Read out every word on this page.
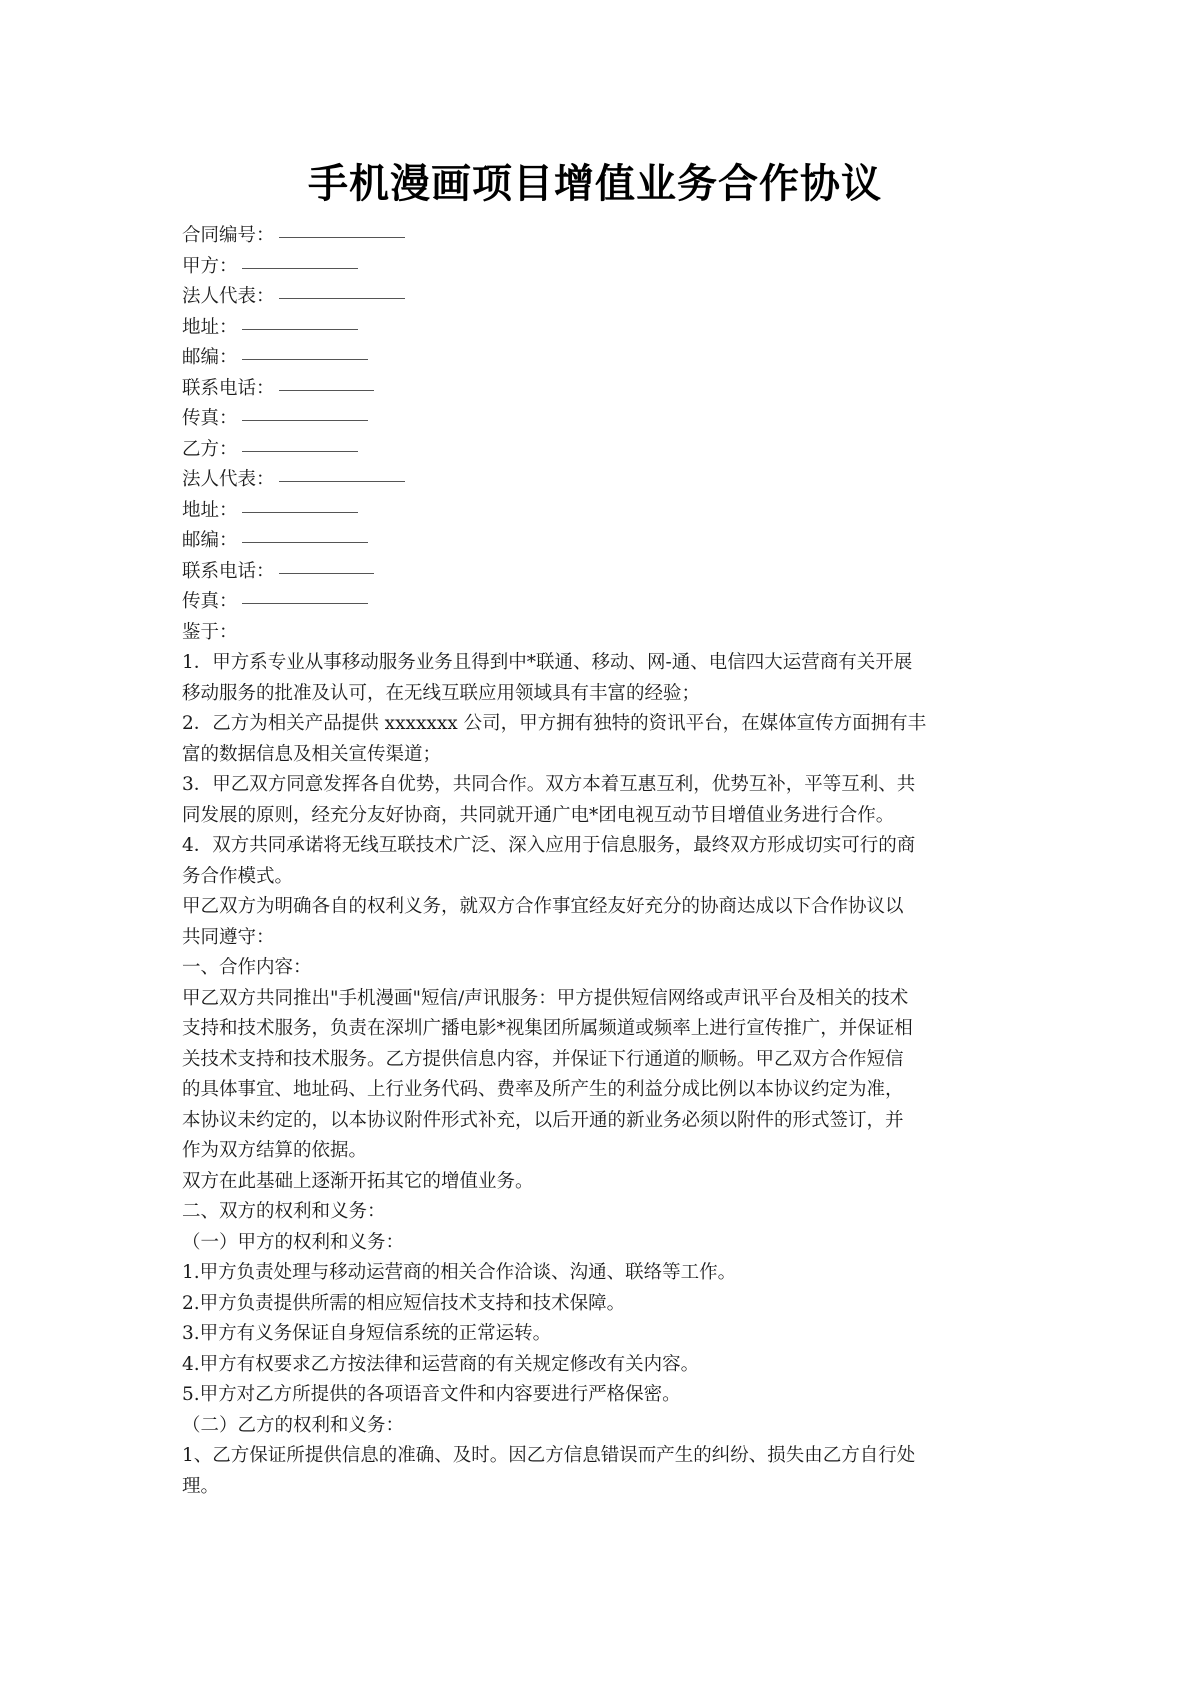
手机漫画项目增值业务合作协议
合同编号：
甲方：
法人代表：
地址：
邮编：
联系电话：
传真：
乙方：
法人代表：
地址：
邮编：
联系电话：
传真：
鉴于：
1．甲方系专业从事移动服务业务且得到中*联通、移动、网-通、电信四大运营商有关开展
移动服务的批准及认可，在无线互联应用领域具有丰富的经验；
2．乙方为相关产品提供 xxxxxxx 公司，甲方拥有独特的资讯平台，在媒体宣传方面拥有丰
富的数据信息及相关宣传渠道；
3．甲乙双方同意发挥各自优势，共同合作。双方本着互惠互利，优势互补，平等互利、共
同发展的原则，经充分友好协商，共同就开通广电*团电视互动节目增值业务进行合作。
4．双方共同承诺将无线互联技术广泛、深入应用于信息服务，最终双方形成切实可行的商
务合作模式。
甲乙双方为明确各自的权利义务，就双方合作事宜经友好充分的协商达成以下合作协议以
共同遵守：
一、合作内容：
甲乙双方共同推出"手机漫画"短信/声讯服务：甲方提供短信网络或声讯平台及相关的技术
支持和技术服务，负责在深圳广播电影*视集团所属频道或频率上进行宣传推广，并保证相
关技术支持和技术服务。乙方提供信息内容，并保证下行通道的顺畅。甲乙双方合作短信
的具体事宜、地址码、上行业务代码、费率及所产生的利益分成比例以本协议约定为准，
本协议未约定的，以本协议附件形式补充，以后开通的新业务必须以附件的形式签订，并
作为双方结算的依据。
双方在此基础上逐渐开拓其它的增值业务。
二、双方的权利和义务：
（一）甲方的权利和义务：
1.甲方负责处理与移动运营商的相关合作洽谈、沟通、联络等工作。
2.甲方负责提供所需的相应短信技术支持和技术保障。
3.甲方有义务保证自身短信系统的正常运转。
4.甲方有权要求乙方按法律和运营商的有关规定修改有关内容。
5.甲方对乙方所提供的各项语音文件和内容要进行严格保密。
（二）乙方的权利和义务：
1、乙方保证所提供信息的准确、及时。因乙方信息错误而产生的纠纷、损失由乙方自行处
理。
